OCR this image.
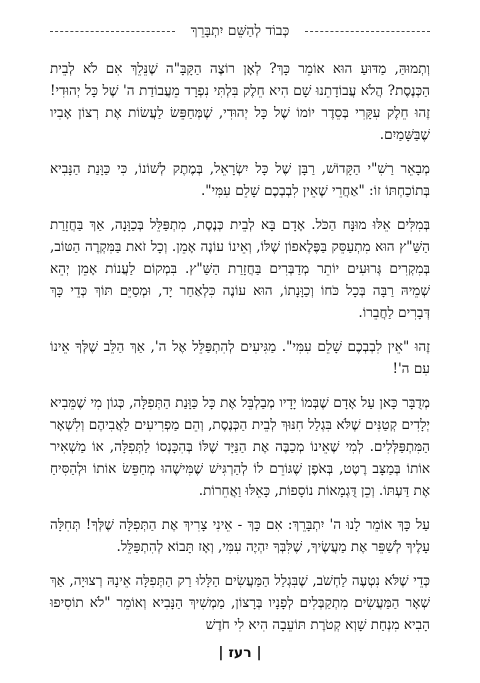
כְּבוֹד לְהַשֵּׁם יִתְבָּרֵךְ

וְתְמוּהַּ, מַדּוּעַ הוּא אוֹמֵר כָּךְ? לְאָן רוֹצֶה הַקָּבָּ"ה שֶׁנֵּלֵךְ אִם לֹא לְבֵית הַכְּנֶסֶת? הֲלֹא עֲבוֹדָתֵנוּ שָׁם הִיא חֵלֶק בִּלְתִּי נִפְרָד מֵעֲבוֹדַת ה' שֶׁל כָּל יְהוּדִי! זֶהוּ חֵלֶק עִקָּרִי בְּסֵדֶר יוֹמוֹ שֶׁל כָּל יְהוּדִי, שֶׁמְּחַפֵּשׂ לַעֲשׂוֹת אֶת רְצוֹן אָבִיו שֶׁבַּשָּׁמַיִם.

מְבָאֵר רַשִׁ"י הַקָּדוֹשׁ, רַבָּן שֶׁל כָּל יִשְׂרָאֵל, בְּמֶתֶק לְשׁוֹנוֹ, כִּי כַּוָּנַת הַנָּבִיא בְּתוֹכַחְתּוֹ זוֹ: "אַחֲרֵי שֶׁאֵין לִבְבְכֶם שָׁלֵם עִמִּי".

בְּמִלִּים אֵלּוּ מוּנָּח הַכֹּל. אָדָם בָּא לְבֵית כְּנֶסֶת, מִתְפַּלֵּל בְּכַוָּנָה, אַךְ בַּחֲזָרַת הַשַּׁ"ץ הוּא מִתְעַסֵּק בַּפֶּלֶאפוֹן שֶׁלּוֹ, וְאֵינוֹ עוֹנֶה אָמֵן. וְכָל זֹאת בַּמִּקְרֶה הַטּוֹב, בְּמִקְרִים גְּרוּעִים יוֹתֵר מְדַבְּרִים בַּחֲזָרַת הַשַּׁ"ץ. בִּמְקוֹם לַעֲנוֹת אָמֵן יְהֵא שְׁמֵיהּ רַבָּה בְּכָל כֹּחוֹ וְכַוָּנָתוֹ, הוּא עוֹנֶה כִּלְאַחַר יָד, וּמְסַיֵּם תּוֹךְ כְּדֵי כָּךְ דְּבָרִים לַחֲבֵרוֹ.

זֶהוּ "אֵין לִבְבְכֶם שָׁלֵם עִמִּי". מַגִּיעִים לְהִתְפַּלֵּל אֶל ה', אַךְ הַלֵּב שֶׁלְּךָ אֵינוֹ עִם ה'!

מְדֻבָּר כָּאן עַל אָדָם שֶׁבְּמוֹ יָדָיו מְבַלְבֵּל אֶת כָּל כַּוָּנַת הַתְּפִלָּה, כְּגוֹן מִי שֶׁמֵּבִיא יְלָדִים קְטַנִּים שֶׁלֹּא בִּגְלַל חִנּוּךְ לְבֵית הַכְּנֶסֶת, וְהֵם מַפְרִיעִים לַאֲבִיהֶם וְלִשְׁאָר הַמִּתְפַּלְּלִים. לְמִי שֶׁאֵינוֹ מְכַבֶּה אֶת הַנַּיָּד שֶׁלּוֹ בְּהִכָּנְסוֹ לַתְּפִלָּה, אוֹ מַשְׁאִיר אוֹתוֹ בְּמַצָּב רֶטֶט, בְּאֹפֶן שֶׁגּוֹרֵם לוֹ לְהַרְגִּישׁ שֶׁמִּישֶׁהוּ מְחַפֵּשׂ אוֹתוֹ וּלְהַסִּיחַ אֶת דַּעְתּוֹ. וְכֵן דֻּגְמָאוֹת נוֹסָפוֹת, כָּאֵלּוּ וַאֲחֵרוֹת.

עַל כָּךְ אוֹמֵר לָנוּ ה' יִתְבָּרֵךְ: אִם כָּךְ - אֵינִי צָרִיךְ אֶת הַתְּפִלָּה שֶׁלְּךָ! תְּחִלָּה עָלֶיךָ לְשַׁפֵּר אֶת מַעֲשֶׂיךָ, שֶׁלִּבְּךָ יִהְיֶה עִמִּי, וְאָז תָּבוֹא לְהִתְפַּלֵּל.

כְּדֵי שֶׁלֹּא נִטְעֶה לַחְשֹׁב, שֶׁבִּגְלַל הַמַּעֲשִׂים הַלָּלוּ רַק הַתְּפִלָּה אֵינָהּ רְצוּיָה, אַךְ שְׁאָר הַמַּעֲשִׂים מִתְקַבְּלִים לְפָנָיו בְּרָצוֹן, מַמְשִׁיךְ הַנָּבִיא וְאוֹמֵר "לֹא תוֹסִיפוּ הָבִיא מִנְחַת שָׁוְא קְטֹרֶת תּוֹעֵבָה הִיא לִי חֹדֶשׁ

| רעז |
